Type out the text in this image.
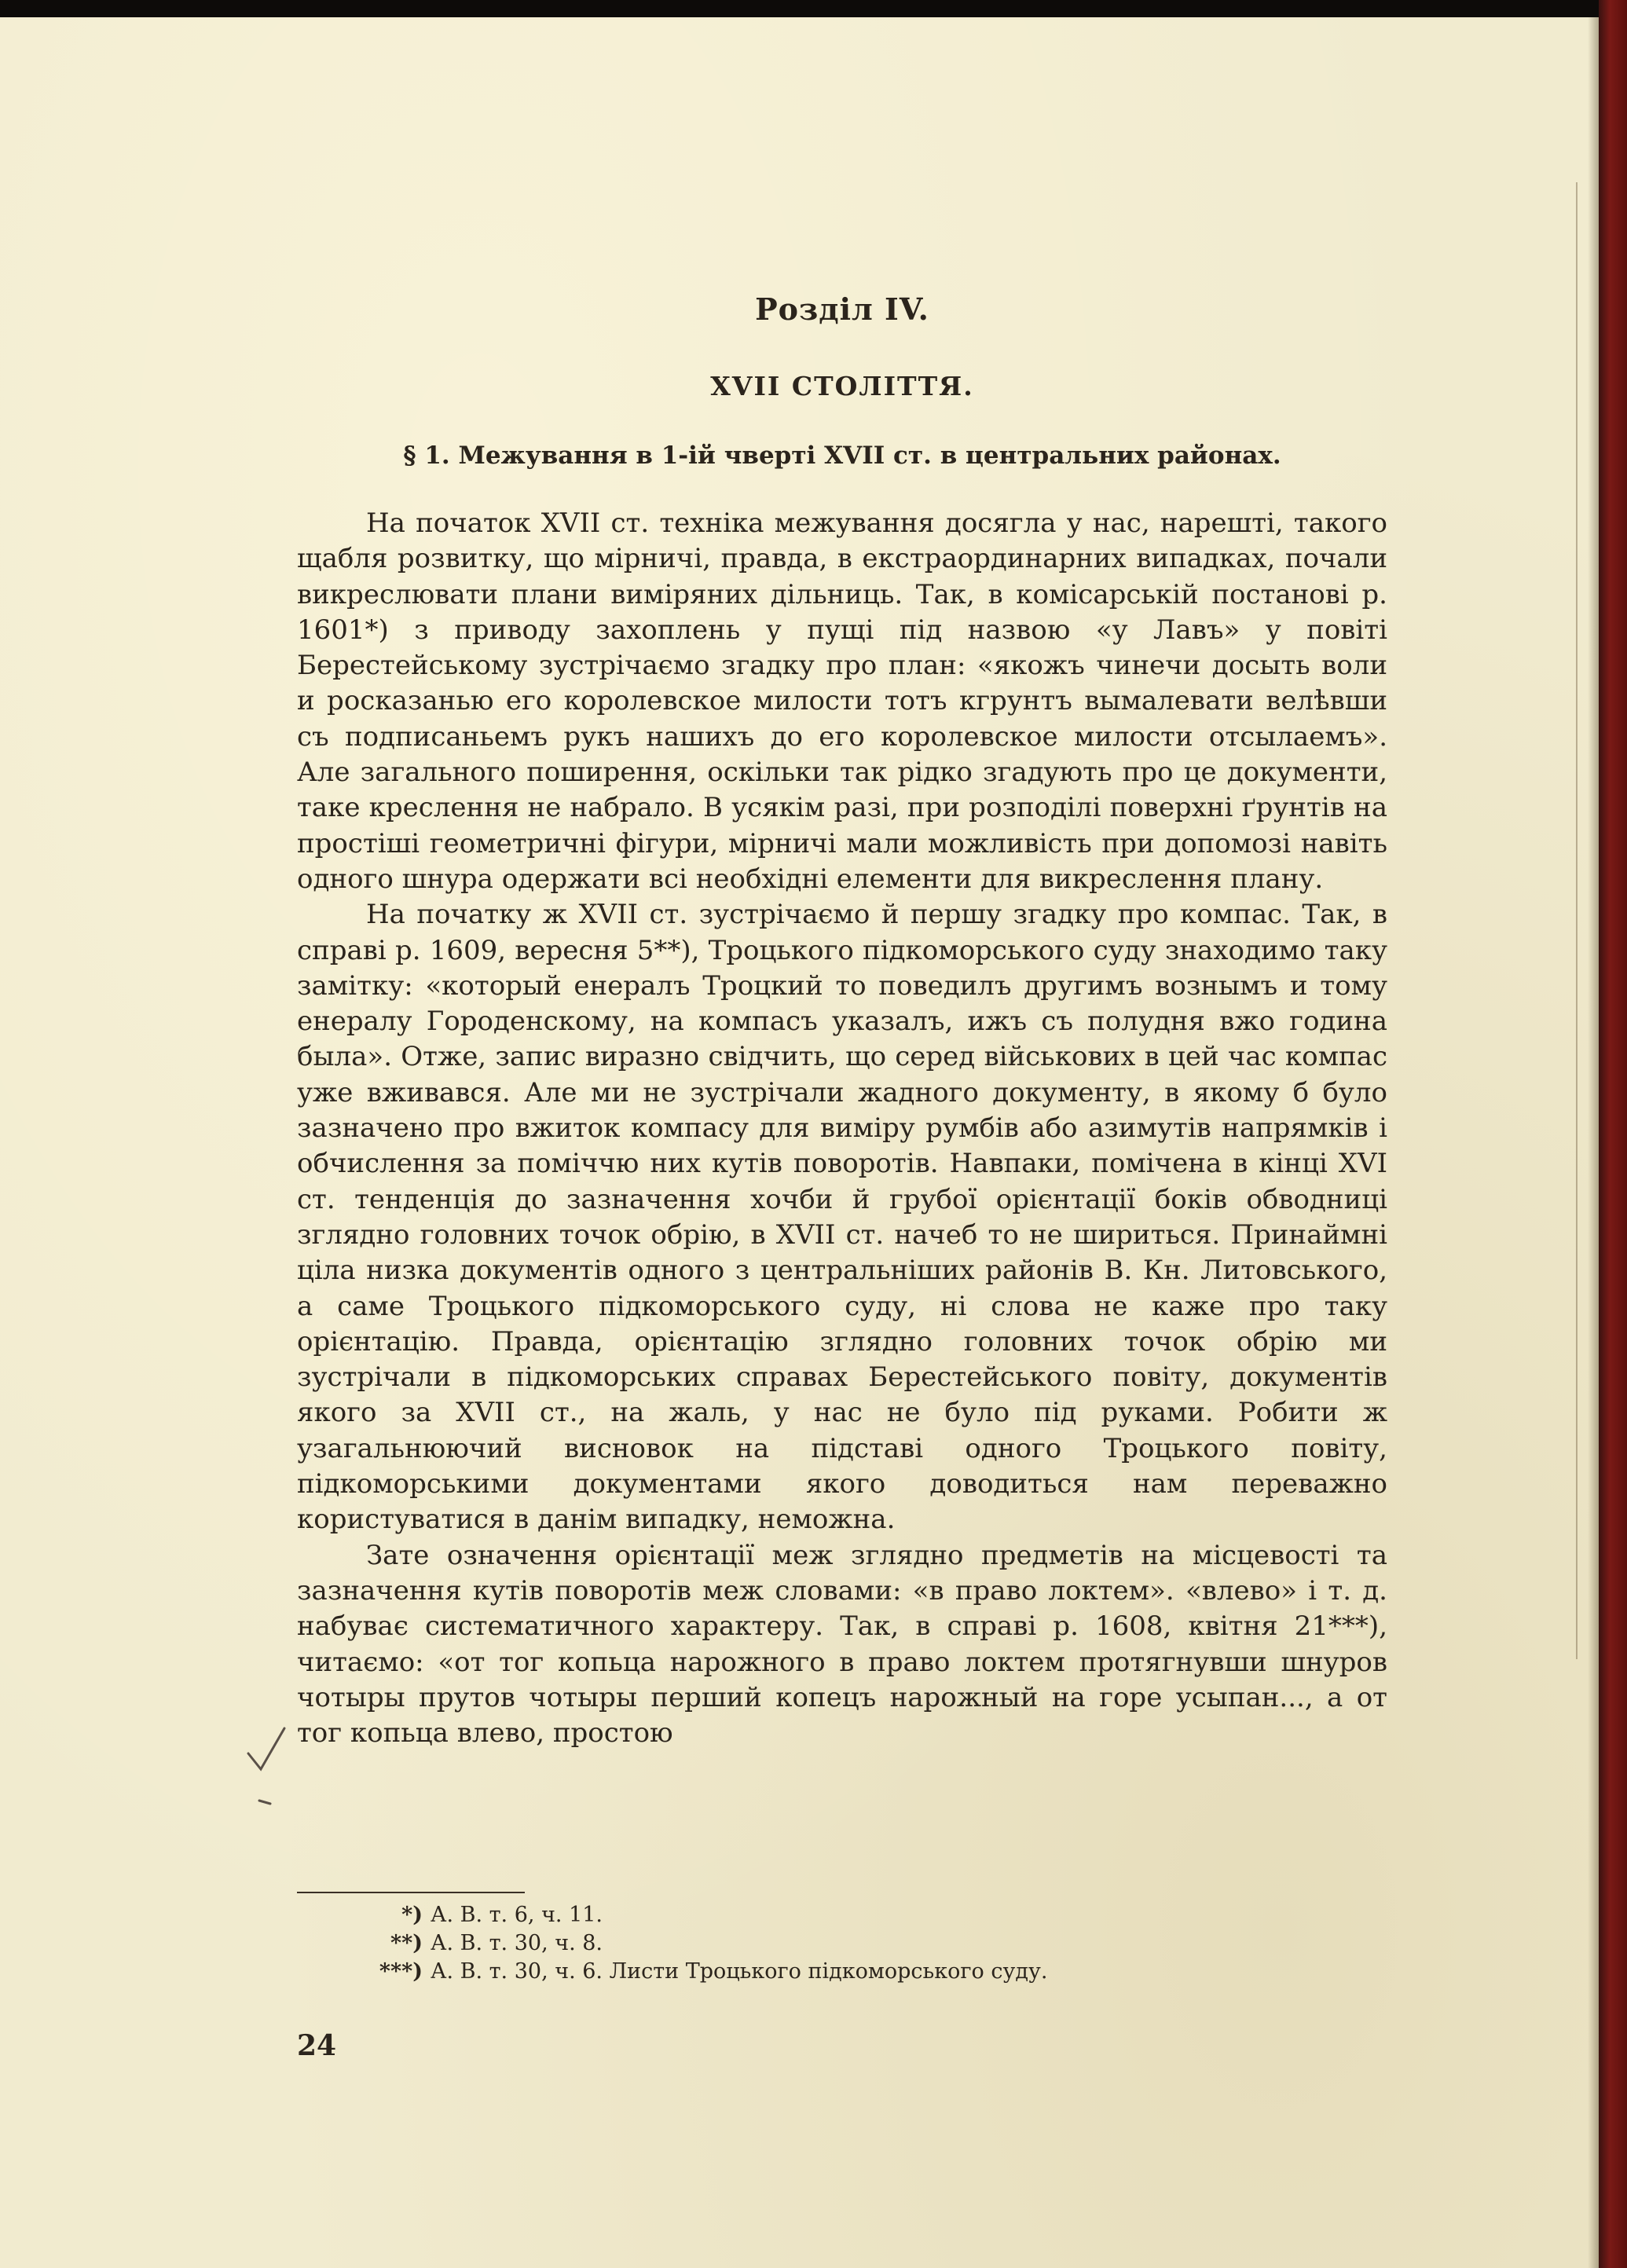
Розділ IV.
XVII СТОЛІТТЯ.
§ 1. Межування в 1-ій чверті XVII ст. в центральних районах.

На початок XVII ст. техніка межування досягла у нас, нарешті, такого щабля розвитку, що мірничі, правда, в екстраординарних випадках, почали викреслювати плани виміряних дільниць. Так, в комісарській постанові р. 1601*) з приводу захоплень у пущі під назвою «у Лавъ» у повіті Берестейському зустрічаємо згадку про план: «якожъ чинечи досыть воли и росказанью его королевское милости тотъ кгрунтъ вымалевати велѣвши съ подписаньемъ рукъ нашихъ до его королевское милости отсылаемъ». Але загального поширення, оскільки так рідко згадують про це документи, таке креслення не набрало. В усякім разі, при розподілі поверхні ґрунтів на простіші геометричні фігури, мірничі мали можливість при допомозі навіть одного шнура одержати всі необхідні елементи для викреслення плану.

На початку ж XVII ст. зустрічаємо й першу згадку про компас. Так, в справі р. 1609, вересня 5**), Троцького підкоморського суду знаходимо таку замітку: «который енералъ Троцкий то поведилъ другимъ вознымъ и тому енералу Городенскому, на компасъ указалъ, ижъ съ полудня вжо година была». Отже, запис виразно свідчить, що серед військових в цей час компас уже вживався. Але ми не зустрічали жадного документу, в якому б було зазначено про вжиток компасу для виміру румбів або азимутів напрямків і обчислення за поміччю них кутів поворотів. Навпаки, помічена в кінці XVI ст. тенденція до зазначення хочби й грубої орієнтації боків обводниці зглядно головних точок обрію, в XVII ст. начеб то не шириться. Принаймні ціла низка документів одного з центральніших районів В. Кн. Литовського, а саме Троцького підкоморського суду, ні слова не каже про таку орієнтацію. Правда, орієнтацію зглядно головних точок обрію ми зустрічали в підкоморських справах Берестейського повіту, документів якого за XVII ст., на жаль, у нас не було під руками. Робити ж узагальнюючий висновок на підставі одного Троцького повіту, підкоморськими документами якого доводиться нам переважно користуватися в данім випадку, неможна.

Зате означення орієнтації меж зглядно предметів на місцевості та зазначення кутів поворотів меж словами: «в право локтем». «влево» і т. д. набуває систематичного характеру. Так, в справі р. 1608, квітня 21***), читаємо: «от тог копьца нарожного в право локтем протягнувши шнуров чотыры прутов чотыры перший копецъ нарожный на горе усыпан..., а от тог копьца влево, простою

*) А. В. т. 6, ч. 11.
**) А. В. т. 30, ч. 8.
***) А. В. т. 30, ч. 6. Листи Троцького підкоморського суду.
24
